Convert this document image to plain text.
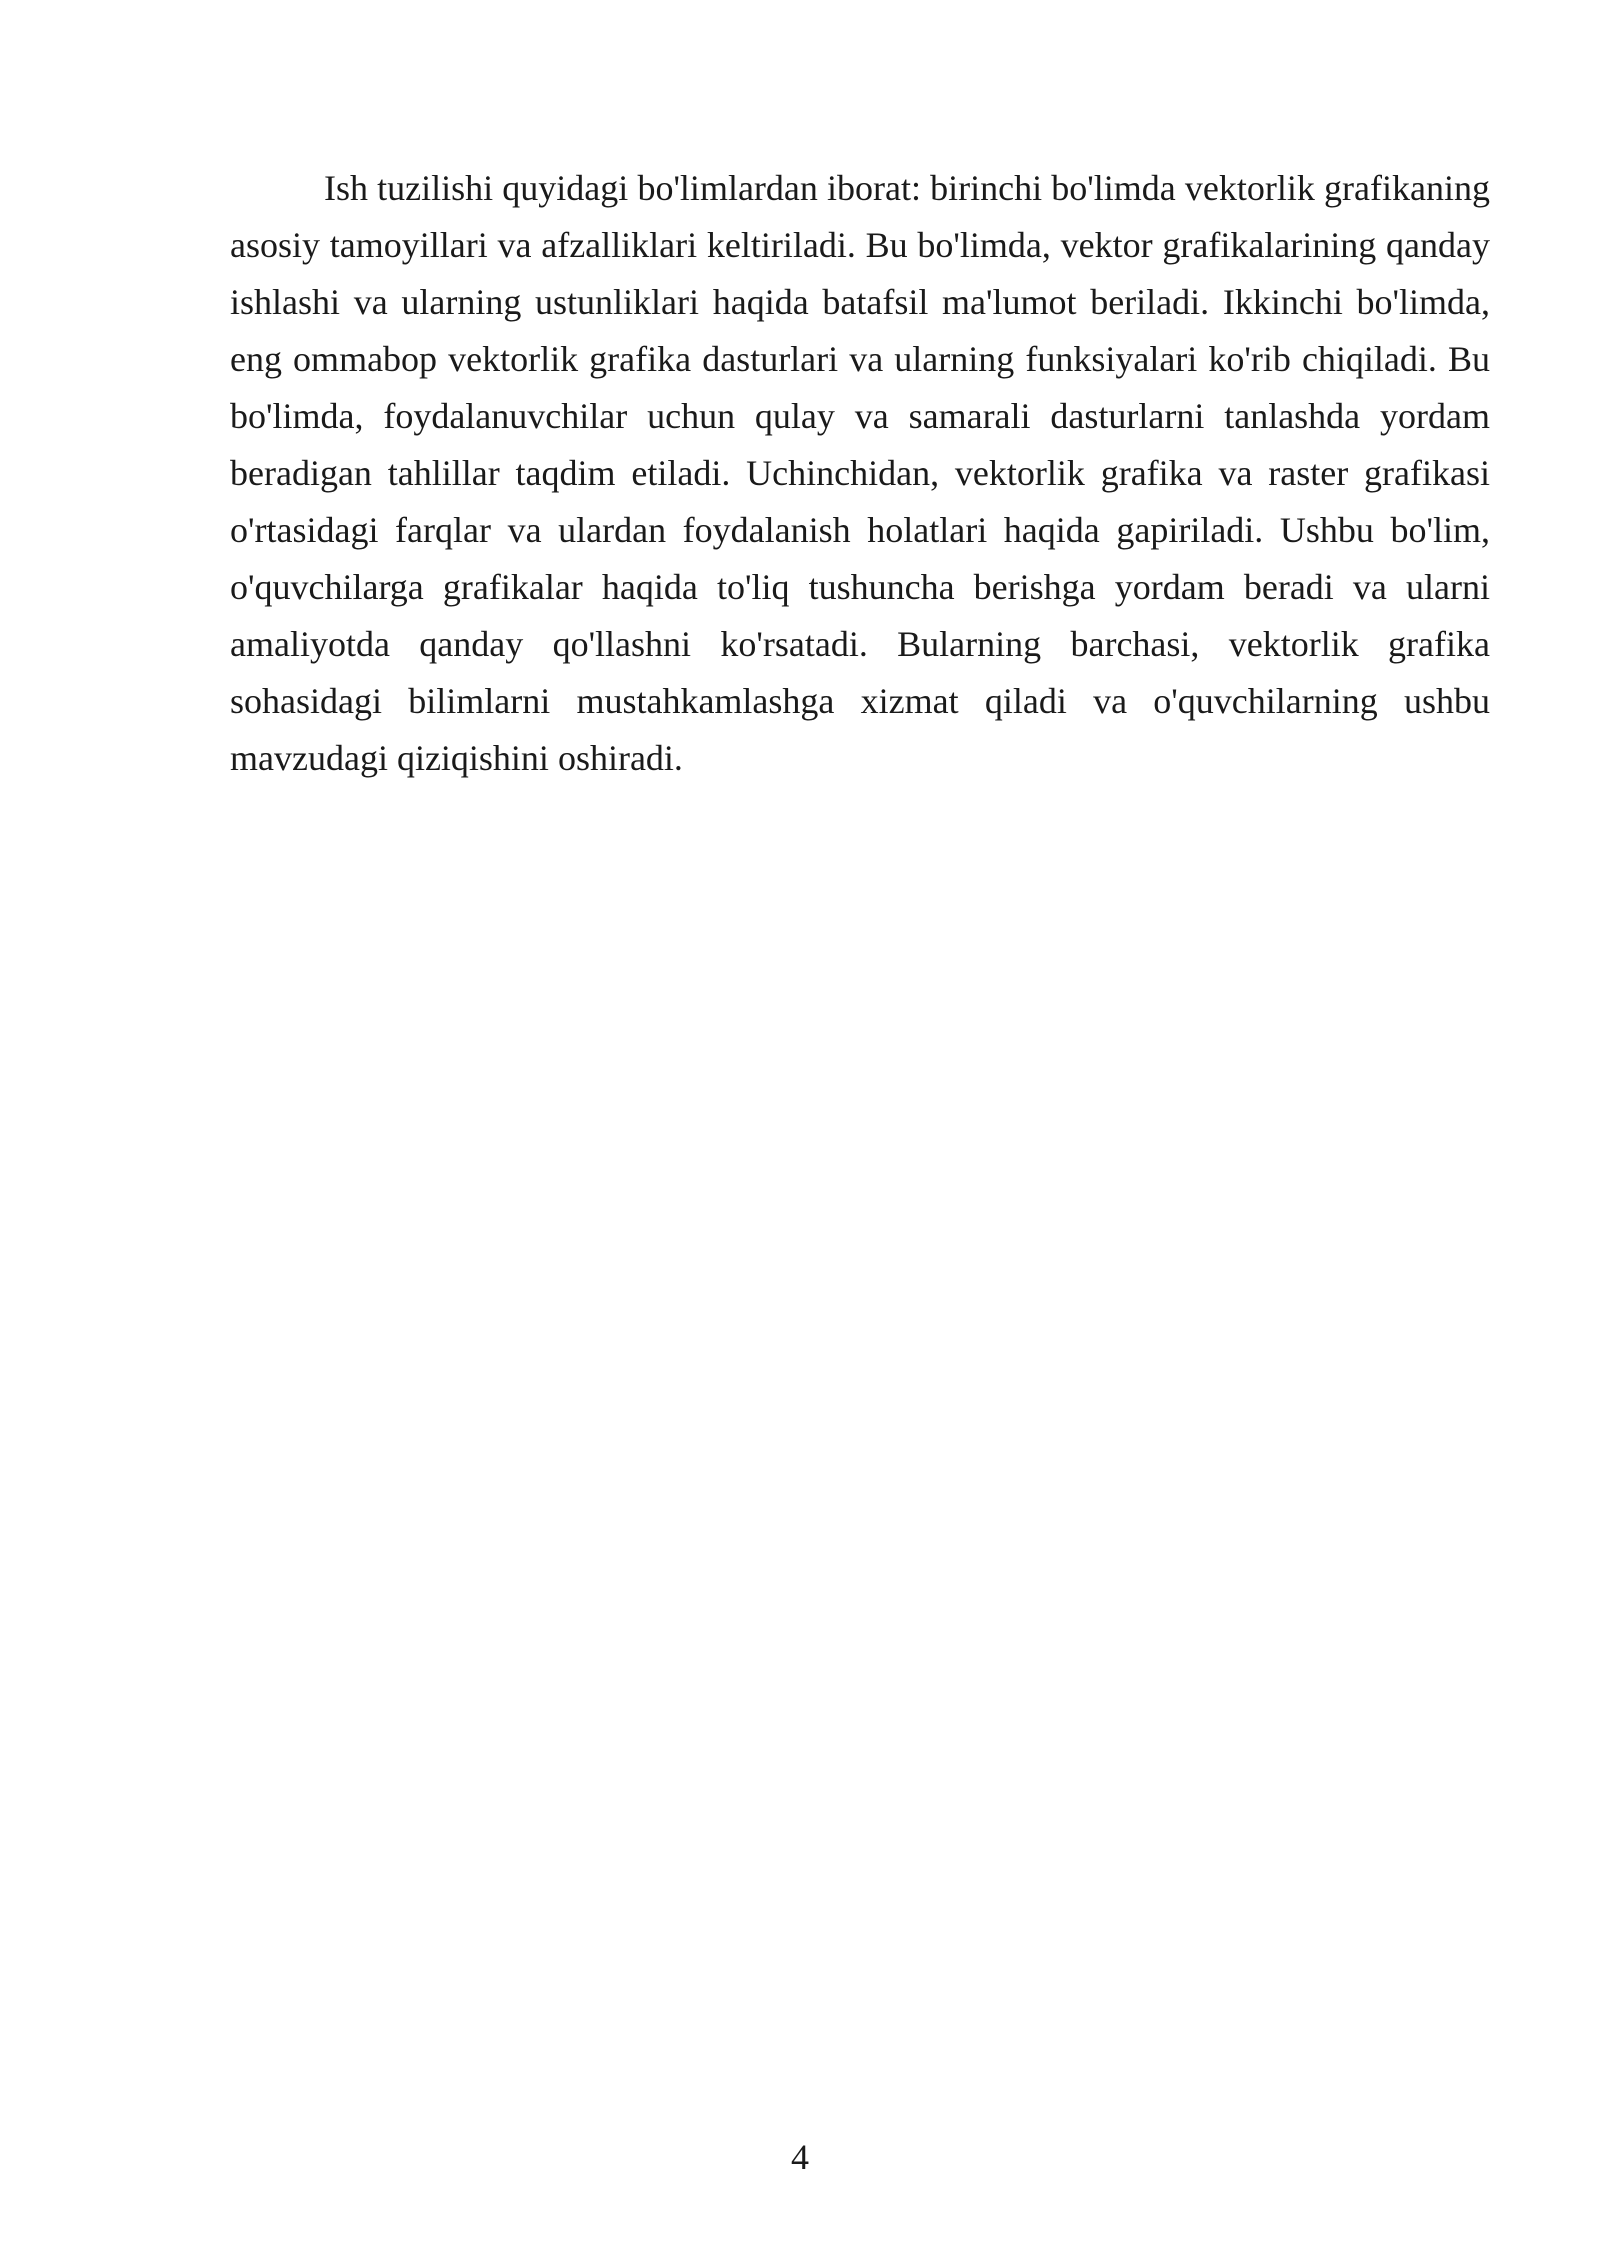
Ish tuzilishi quyidagi bo'limlardan iborat: birinchi bo'limda vektorlik grafikaning asosiy tamoyillari va afzalliklari keltiriladi. Bu bo'limda, vektor grafikalarining qanday ishlashi va ularning ustunliklari haqida batafsil ma'lumot beriladi. Ikkinchi bo'limda, eng ommabop vektorlik grafika dasturlari va ularning funksiyalari ko'rib chiqiladi. Bu bo'limda, foydalanuvchilar uchun qulay va samarali dasturlarni tanlashda yordam beradigan tahlillar taqdim etiladi. Uchinchidan, vektorlik grafika va raster grafikasi o'rtasidagi farqlar va ulardan foydalanish holatlari haqida gapiriladi. Ushbu bo'lim, o'quvchilarga grafikalar haqida to'liq tushuncha berishga yordam beradi va ularni amaliyotda qanday qo'llashni ko'rsatadi. Bularning barchasi, vektorlik grafika sohasidagi bilimlarni mustahkamlashga xizmat qiladi va o'quvchilarning ushbu mavzudagi qiziqishini oshiradi.

4
